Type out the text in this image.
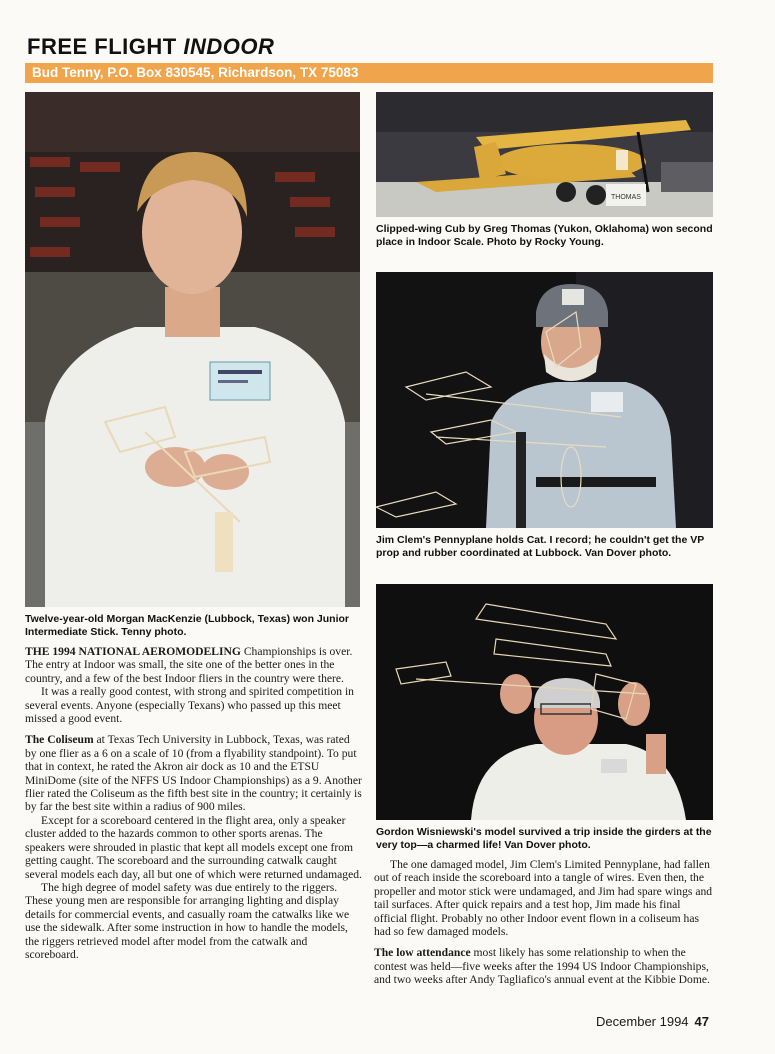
FREE FLIGHT INDOOR
Bud Tenny, P.O. Box 830545, Richardson, TX 75083
Twelve-year-old Morgan MacKenzie (Lubbock, Texas) won Junior Intermediate Stick. Tenny photo.
THOMAS
Clipped-wing Cub by Greg Thomas (Yukon, Oklahoma) won second place in Indoor Scale. Photo by Rocky Young.
Jim Clem's Pennyplane holds Cat. I record; he couldn't get the VP prop and rubber coordinated at Lubbock. Van Dover photo.
Gordon Wisniewski's model survived a trip inside the girders at the very top—a charmed life! Van Dover photo.

THE 1994 NATIONAL AEROMODELING Championships is over. The entry at Indoor was small, the site one of the better ones in the country, and a few of the best Indoor fliers in the country were there.

It was a really good contest, with strong and spirited competition in several events. Anyone (especially Texans) who passed up this meet missed a good event.

The Coliseum at Texas Tech University in Lubbock, Texas, was rated by one flier as a 6 on a scale of 10 (from a flyability standpoint). To put that in context, he rated the Akron air dock as 10 and the ETSU MiniDome (site of the NFFS US Indoor Championships) as a 9. Another flier rated the Coliseum as the fifth best site in the country; it certainly is by far the best site within a radius of 900 miles.

Except for a scoreboard centered in the flight area, only a speaker cluster added to the hazards common to other sports arenas. The speakers were shrouded in plastic that kept all models except one from getting caught. The scoreboard and the surrounding catwalk caught several models each day, all but one of which were returned undamaged.

The high degree of model safety was due entirely to the riggers. These young men are responsible for arranging lighting and display details for commercial events, and casually roam the catwalks like we use the sidewalk. After some instruction in how to handle the models, the riggers retrieved model after model from the catwalk and scoreboard.

The one damaged model, Jim Clem's Limited Pennyplane, had fallen out of reach inside the scoreboard into a tangle of wires. Even then, the propeller and motor stick were undamaged, and Jim had spare wings and tail surfaces. After quick repairs and a test hop, Jim made his final official flight. Probably no other Indoor event flown in a coliseum has had so few damaged models.

The low attendance most likely has some relationship to when the contest was held—five weeks after the 1994 US Indoor Championships, and two weeks after Andy Tagliafico's annual event at the Kibbie Dome.

December 1994 47
